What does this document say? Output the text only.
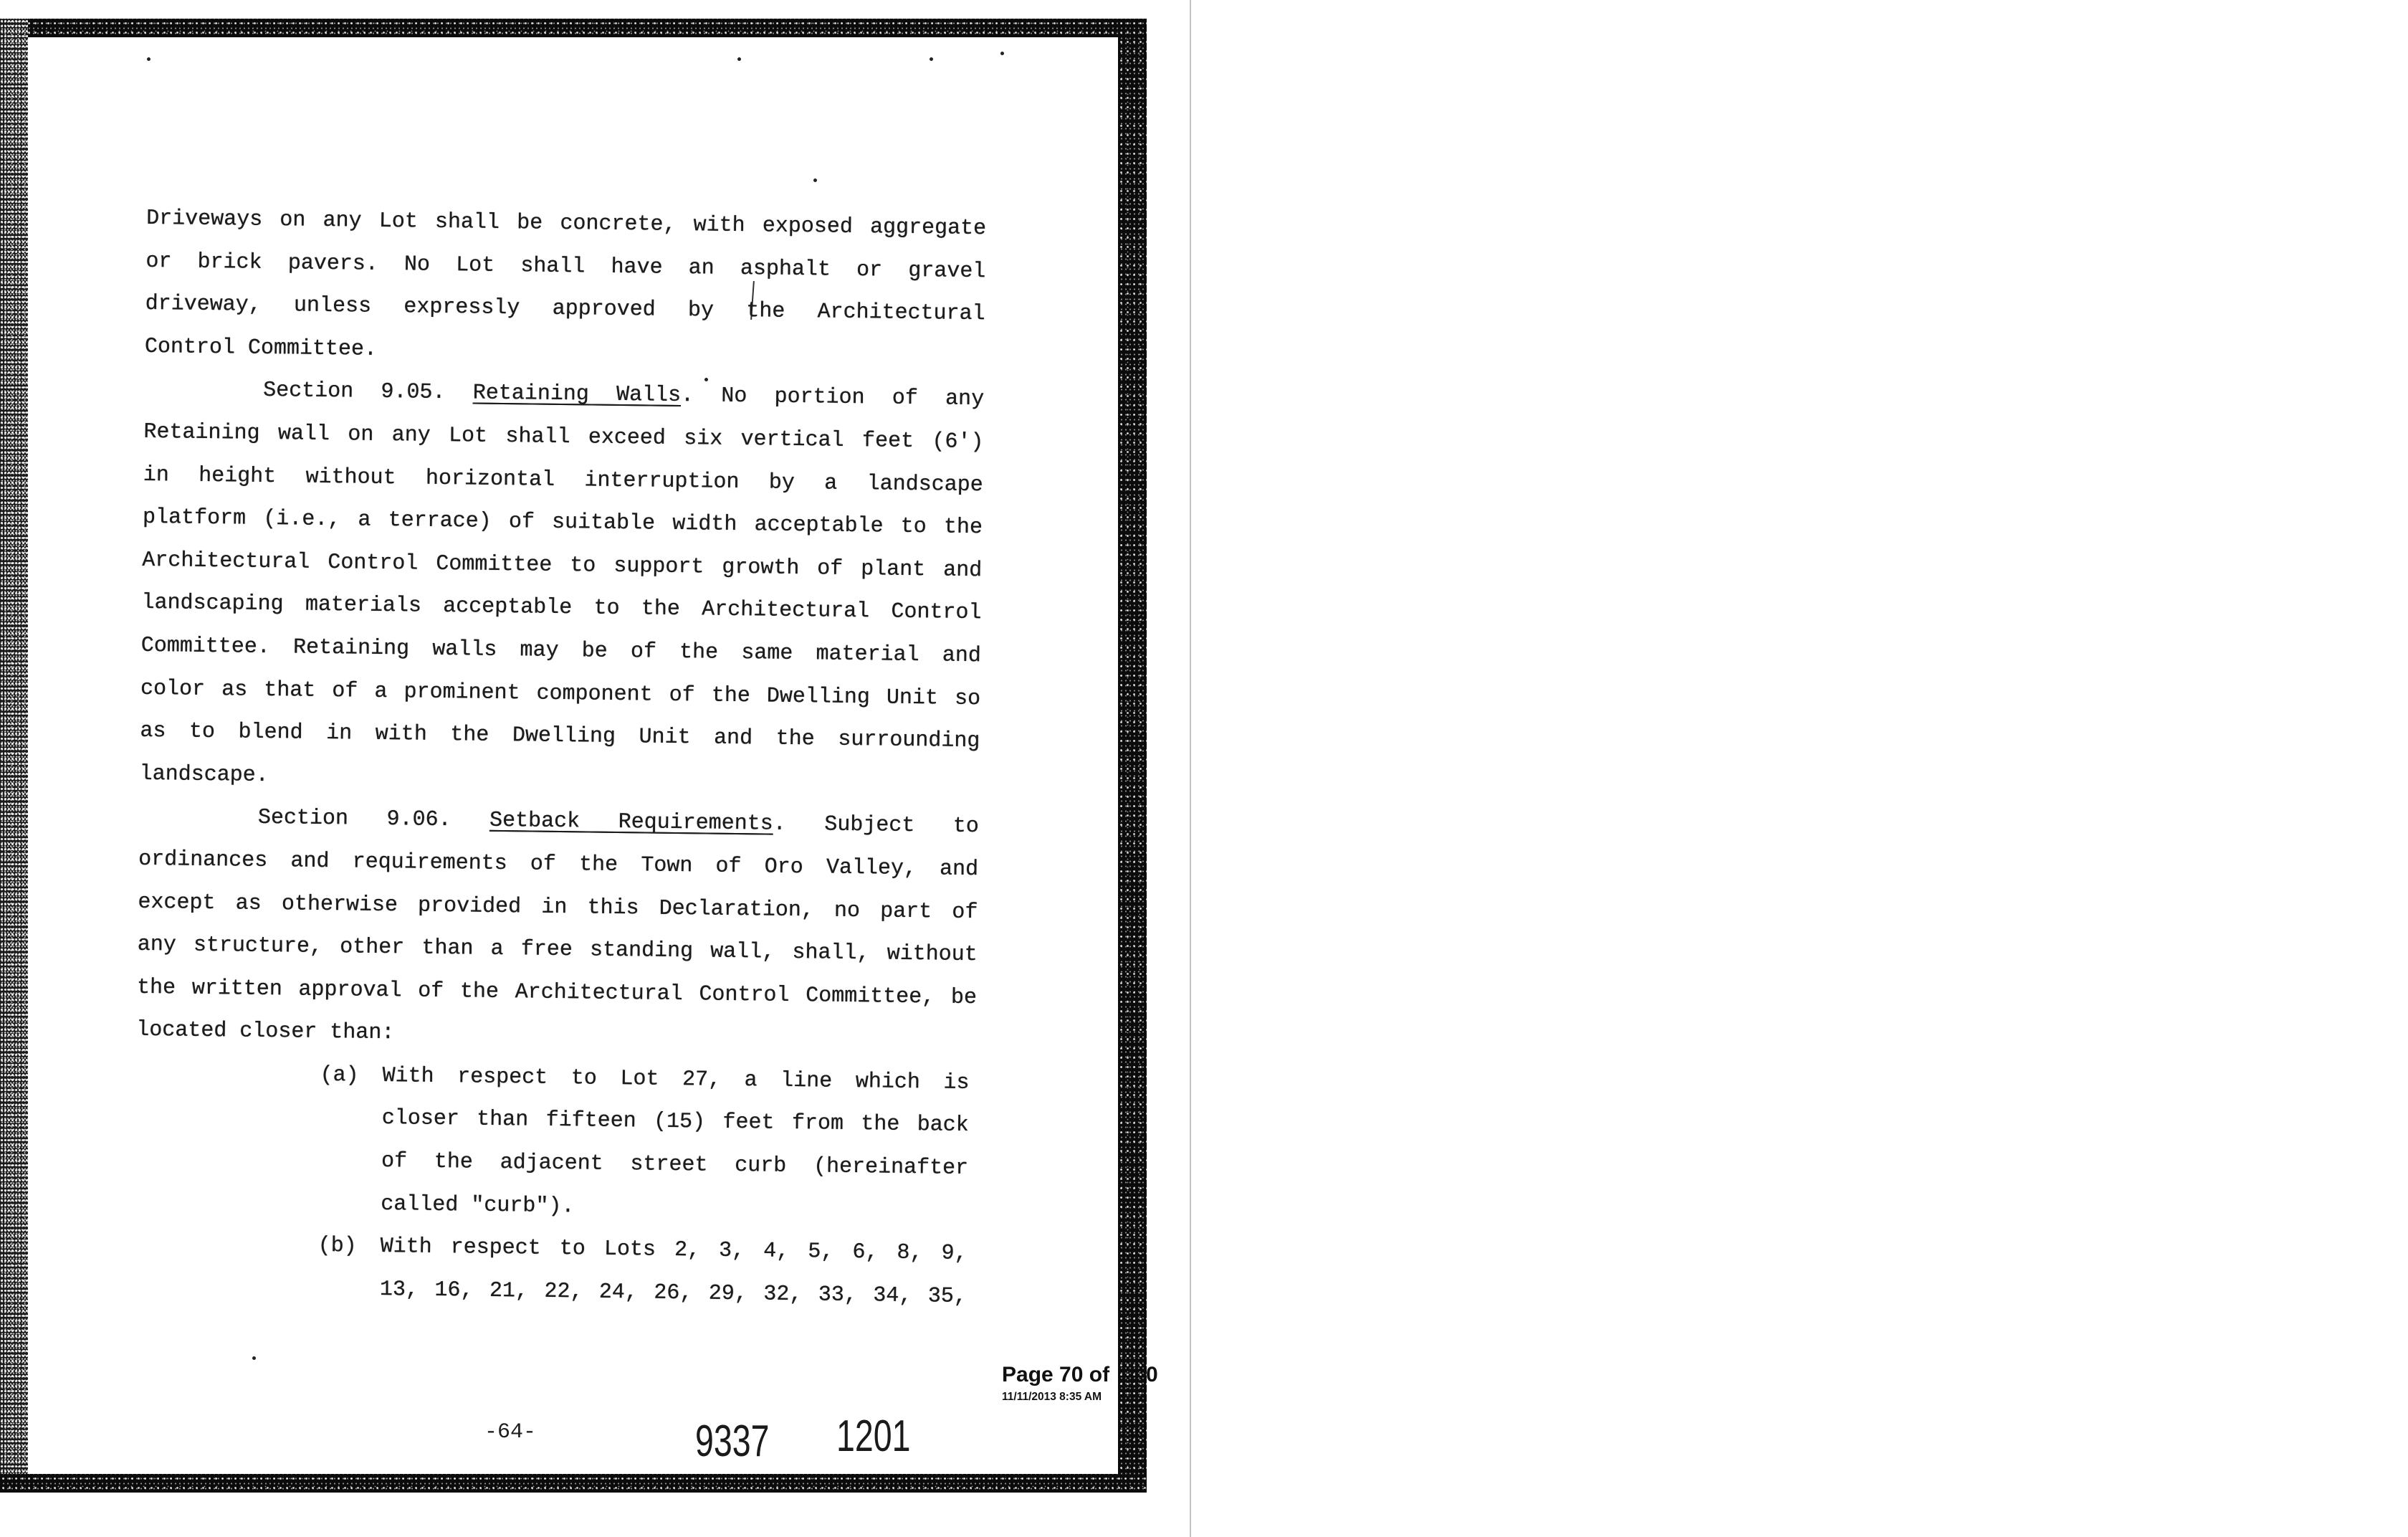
Driveways on any Lot shall be concrete, with exposed aggregate
or brick pavers. No Lot shall have an asphalt or gravel
driveway, unless expressly approved by the Architectural
Control Committee.
Section 9.05. Retaining Walls. No portion of any
Retaining wall on any Lot shall exceed six vertical feet (6')
in height without horizontal interruption by a landscape
platform (i.e., a terrace) of suitable width acceptable to the
Architectural Control Committee to support growth of plant and
landscaping materials acceptable to the Architectural Control
Committee. Retaining walls may be of the same material and
color as that of a prominent component of the Dwelling Unit so
as to blend in with the Dwelling Unit and the surrounding
landscape.
Section 9.06. Setback Requirements. Subject to
ordinances and requirements of the Town of Oro Valley, and
except as otherwise provided in this Declaration, no part of
any structure, other than a free standing wall, shall, without
the written approval of the Architectural Control Committee, be
located closer than:
(a) With respect to Lot 27, a line which is
closer than fifteen (15) feet from the back
of the adjacent street curb (hereinafter
called "curb").
(b) With respect to Lots 2, 3, 4, 5, 6, 8, 9,
13, 16, 21, 22, 24, 26, 29, 32, 33, 34, 35,
Page 70 of 0
11/11/2013 8:35 AM
-64-	9337 1201
